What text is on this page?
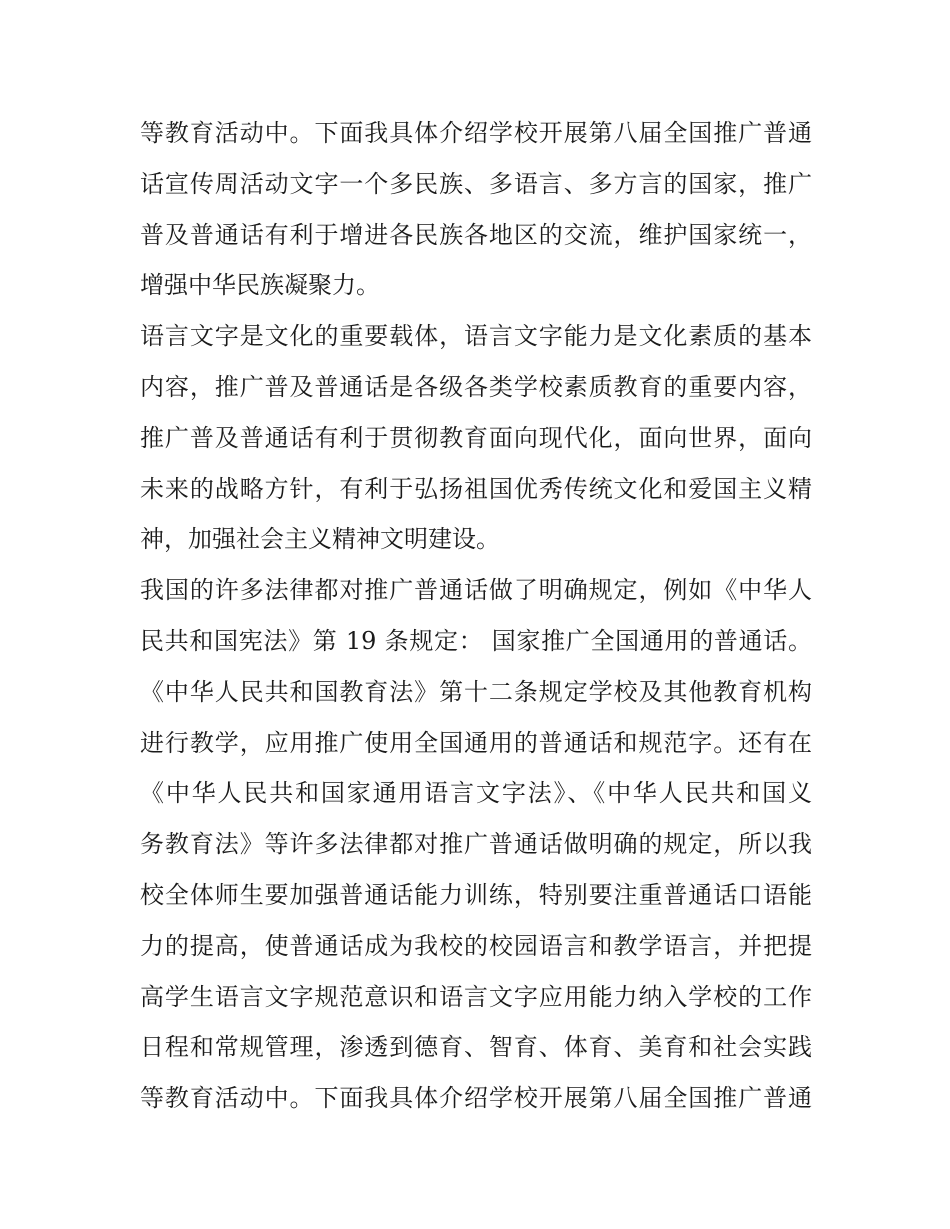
等教育活动中。下面我具体介绍学校开展第八届全国推广普通
话宣传周活动文字一个多民族、多语言、多方言的国家，推广
普及普通话有利于增进各民族各地区的交流，维护国家统一，
增强中华民族凝聚力。
语言文字是文化的重要载体，语言文字能力是文化素质的基本
内容，推广普及普通话是各级各类学校素质教育的重要内容，
推广普及普通话有利于贯彻教育面向现代化，面向世界，面向
未来的战略方针，有利于弘扬祖国优秀传统文化和爱国主义精
神，加强社会主义精神文明建设。
我国的许多法律都对推广普通话做了明确规定，例如《中华人
民共和国宪法》第 19 条规定： 国家推广全国通用的普通话。
《中华人民共和国教育法》第十二条规定学校及其他教育机构
进行教学，应用推广使用全国通用的普通话和规范字。还有在
《中华人民共和国家通用语言文字法》、《中华人民共和国义
务教育法》等许多法律都对推广普通话做明确的规定，所以我
校全体师生要加强普通话能力训练，特别要注重普通话口语能
力的提高，使普通话成为我校的校园语言和教学语言，并把提
高学生语言文字规范意识和语言文字应用能力纳入学校的工作
日程和常规管理，渗透到德育、智育、体育、美育和社会实践
等教育活动中。下面我具体介绍学校开展第八届全国推广普通
